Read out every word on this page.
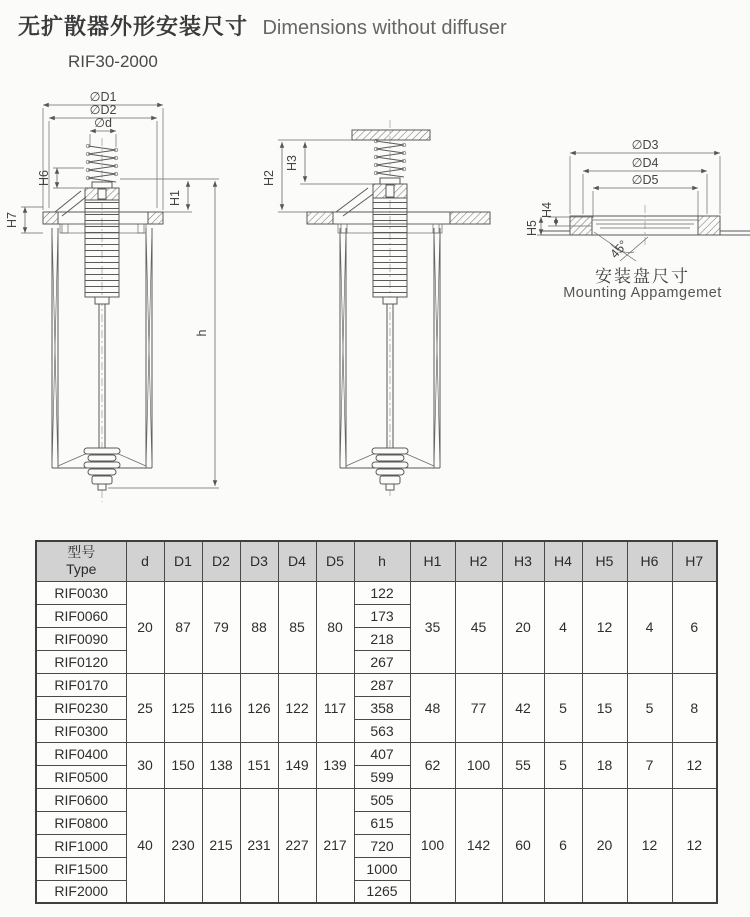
无扩散器外形安装尺寸 Dimensions without diffuser
RIF30-2000
∅D1
∅D2
∅d
H6
H7
H1
h
H2
H3
∅D3
∅D4
∅D5
H4
H5
45°
安装盘尺寸
Mounting Appamgemet
型号
Type	d	D1	D2	D3	D4	D5	h	H1	H2	H3	H4	H5	H6	H7
RIF0030	20	87	79	88	85	80	122	35	45	20	4	12	4	6
RIF0060							173							
RIF0090							218							
RIF0120							267							
RIF0170	25	125	116	126	122	117	287	48	77	42	5	15	5	8
RIF0230							358							
RIF0300							563							
RIF0400	30	150	138	151	149	139	407	62	100	55	5	18	7	12
RIF0500							599							
RIF0600	40	230	215	231	227	217	505	100	142	60	6	20	12	12
RIF0800							615							
RIF1000							720							
RIF1500							1000							
RIF2000							1265							
